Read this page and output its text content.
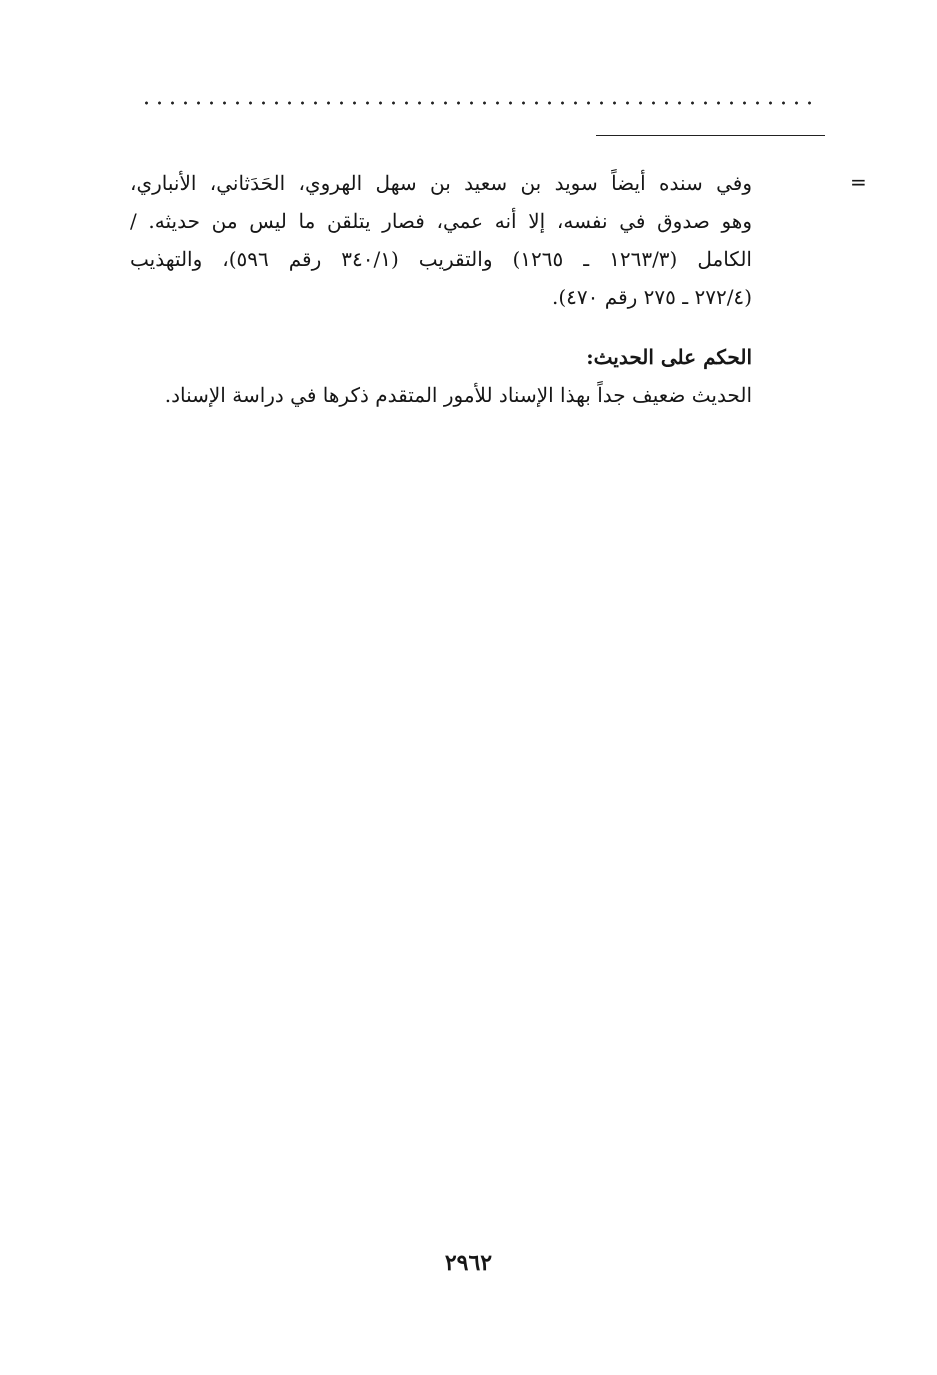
=
وفي سنده أيضاً سويد بن سعيد بن سهل الهروي، الحَدَثاني، الأنباري،
وهو صدوق في نفسه، إلا أنه عمي، فصار يتلقن ما ليس من حديثه. /
الكامل (١٢٦٣/٣ ـ ١٢٦٥) والتقريب (٣٤٠/١ رقم ٥٩٦)، والتهذيب
(٢٧٢/٤ ـ ٢٧٥ رقم ٤٧٠).
الحكم على الحديث:
الحديث ضعيف جداً بهذا الإسناد للأمور المتقدم ذكرها في دراسة الإسناد.
٢٩٦٢
